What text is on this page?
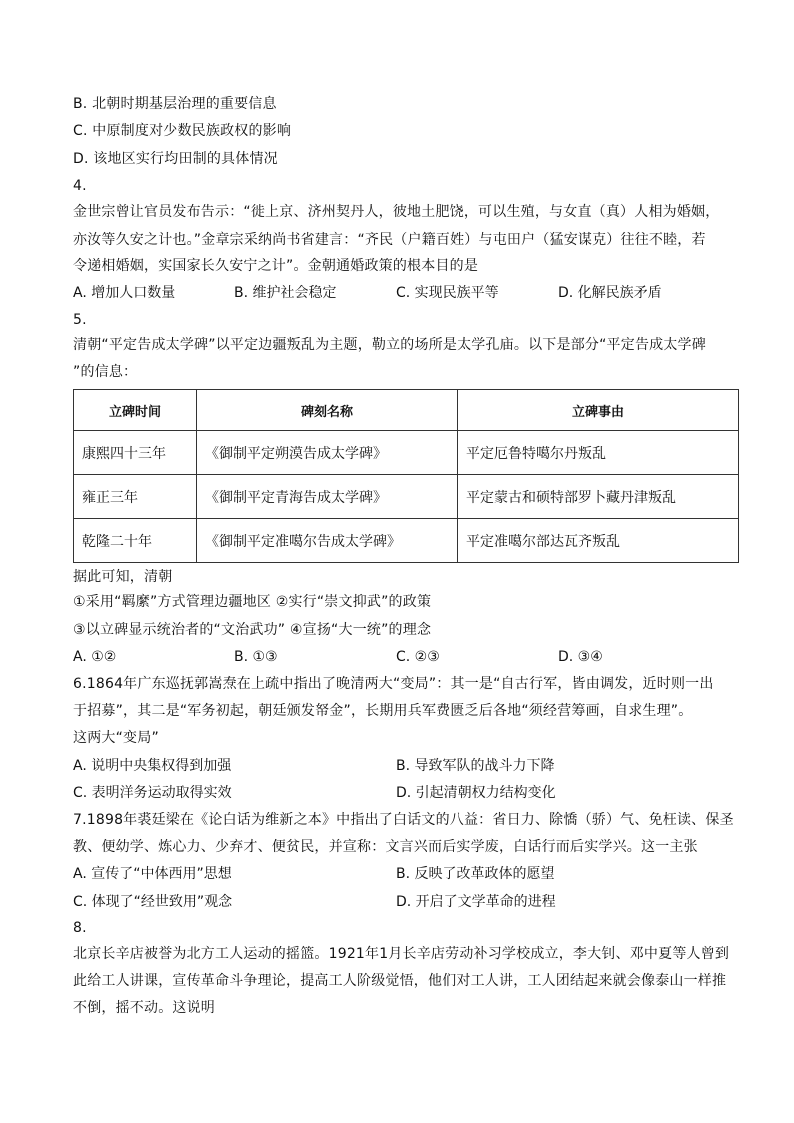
B. 北朝时期基层治理的重要信息
C. 中原制度对少数民族政权的影响
D. 该地区实行均田制的具体情况
4.
金世宗曾让官员发布告示：“徙上京、济州契丹人，彼地土肥饶，可以生殖，与女直（真）人相为婚姻，
亦汝等久安之计也。”金章宗采纳尚书省建言：“齐民（户籍百姓）与屯田户（猛安谋克）往往不睦，若
令递相婚姻，实国家长久安宁之计”。金朝通婚政策的根本目的是
A. 增加人口数量	B. 维护社会稳定	C. 实现民族平等	D. 化解民族矛盾
5.
清朝“平定告成太学碑”以平定边疆叛乱为主题，勒立的场所是太学孔庙。以下是部分“平定告成太学碑
”的信息：
立碑时间	碑刻名称	立碑事由
康熙四十三年	《御制平定朔漠告成太学碑》	平定厄鲁特噶尔丹叛乱
雍正三年	《御制平定青海告成太学碑》	平定蒙古和硕特部罗卜藏丹津叛乱
乾隆二十年	《御制平定准噶尔告成太学碑》	平定准噶尔部达瓦齐叛乱
据此可知，清朝
①采用“羁縻”方式管理边疆地区 ②实行“崇文抑武”的政策
③以立碑显示统治者的“文治武功” ④宣扬“大一统”的理念
A. ①②	B. ①③	C. ②③	D. ③④
6.1864年广东巡抚郭嵩焘在上疏中指出了晚清两大“变局”：其一是“自古行军，皆由调发，近时则一出
于招募”，其二是“军务初起，朝廷颁发帑金”，长期用兵军费匮乏后各地“须经营筹画，自求生理”。
这两大“变局”
A. 说明中央集权得到加强	B. 导致军队的战斗力下降
C. 表明洋务运动取得实效	D. 引起清朝权力结构变化
7.1898年裘廷梁在《论白话为维新之本》中指出了白话文的八益：省日力、除憍（骄）气、免枉读、保圣
教、便幼学、炼心力、少弃才、便贫民，并宣称：文言兴而后实学废，白话行而后实学兴。这一主张
A. 宣传了“中体西用”思想	B. 反映了改革政体的愿望
C. 体现了“经世致用”观念	D. 开启了文学革命的进程
8.
北京长辛店被誉为北方工人运动的摇篮。1921年1月长辛店劳动补习学校成立，李大钊、邓中夏等人曾到
此给工人讲课，宣传革命斗争理论，提高工人阶级觉悟，他们对工人讲，工人团结起来就会像泰山一样推
不倒，摇不动。这说明
